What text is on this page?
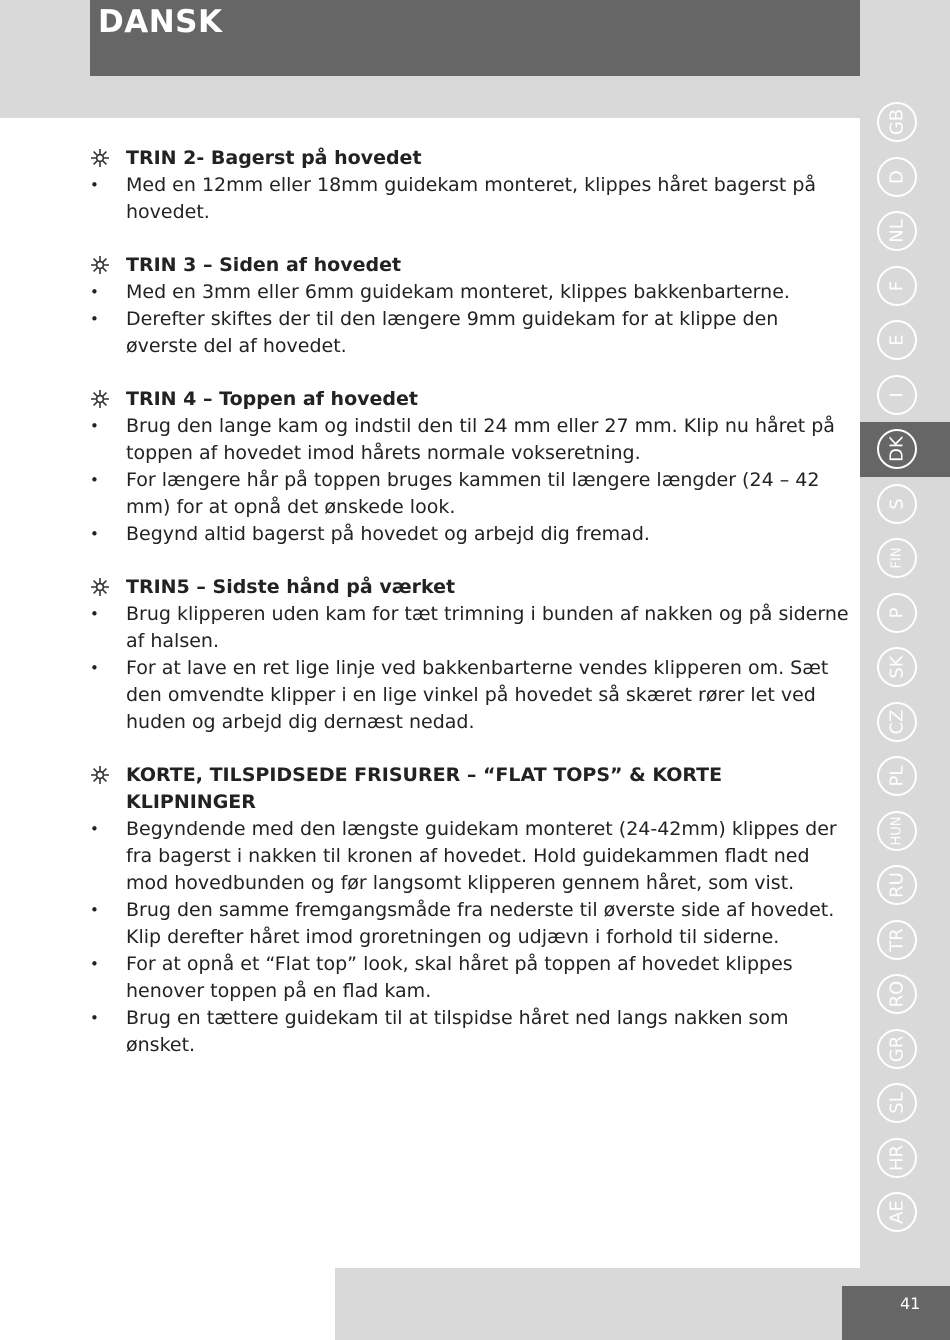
DANSK
TRIN 2- Bagerst på hovedet
• Med en 12mm eller 18mm guidekam monteret, klippes håret bagerst på hovedet.
TRIN 3 – Siden af hovedet
• Med en 3mm eller 6mm guidekam monteret, klippes bakkenbarterne.
• Derefter skiftes der til den længere 9mm guidekam for at klippe den øverste del af hovedet.
TRIN 4 – Toppen af hovedet
• Brug den lange kam og indstil den til 24 mm eller 27 mm. Klip nu håret på toppen af hovedet imod hårets normale vokseretning.
• For længere hår på toppen bruges kammen til længere længder (24 – 42 mm) for at opnå det ønskede look.
• Begynd altid bagerst på hovedet og arbejd dig fremad.
TRIN5 – Sidste hånd på værket
• Brug klipperen uden kam for tæt trimning i bunden af nakken og på siderne af halsen.
• For at lave en ret lige linje ved bakkenbarterne vendes klipperen om. Sæt den omvendte klipper i en lige vinkel på hovedet så skæret rører let ved huden og arbejd dig dernæst nedad.
KORTE, TILSPIDSEDE FRISURER – “FLAT TOPS” & KORTE KLIPNINGER
• Begyndende med den længste guidekam monteret (24-42mm) klippes der fra bagerst i nakken til kronen af hovedet. Hold guidekammen fladt ned mod hovedbunden og før langsomt klipperen gennem håret, som vist.
• Brug den samme fremgangsmåde fra nederste til øverste side af hovedet. Klip derefter håret imod groretningen og udjævn i forhold til siderne.
• For at opnå et “Flat top” look, skal håret på toppen af hovedet klippes henover toppen på en flad kam.
• Brug en tættere guidekam til at tilspidse håret ned langs nakken som ønsket.
GB
D
NL
F
E
I
DK
S
FIN
P
SK
CZ
PL
HUN
RU
TR
RO
GR
SL
HR
AE
41
